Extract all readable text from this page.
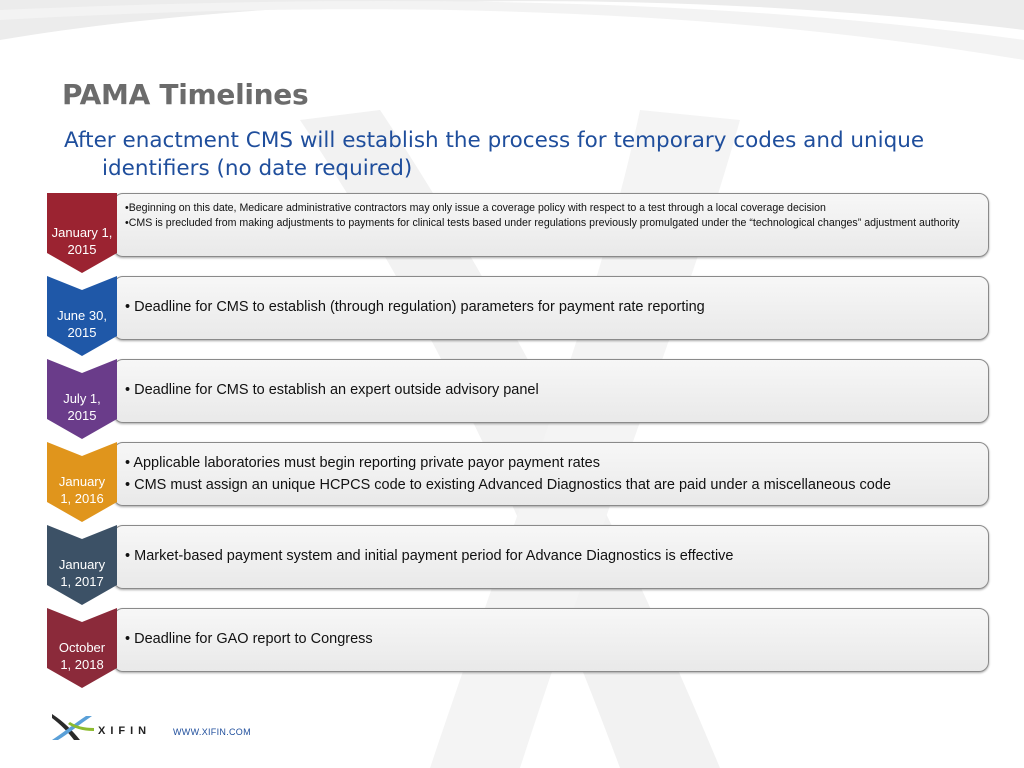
PAMA Timelines
After enactment CMS will establish the process for temporary codes and unique identifiers (no date required)
January 1, 2015
•Beginning on this date, Medicare administrative contractors may only issue a coverage policy with respect to a test through a local coverage decision
•CMS is precluded from making adjustments to payments for clinical tests based under regulations previously promulgated under the “technological changes” adjustment authority
June 30, 2015
• Deadline for CMS to establish (through regulation) parameters for payment rate reporting
July 1, 2015
• Deadline for CMS to establish an expert outside advisory panel
January 1, 2016
• Applicable laboratories must begin reporting private payor payment rates
• CMS must assign an unique HCPCS code to existing Advanced Diagnostics that are paid under a miscellaneous code
January 1, 2017
• Market-based payment system and initial payment period for Advance Diagnostics is effective
October 1, 2018
• Deadline for GAO report to Congress
XIFIN WWW.XIFIN.COM
